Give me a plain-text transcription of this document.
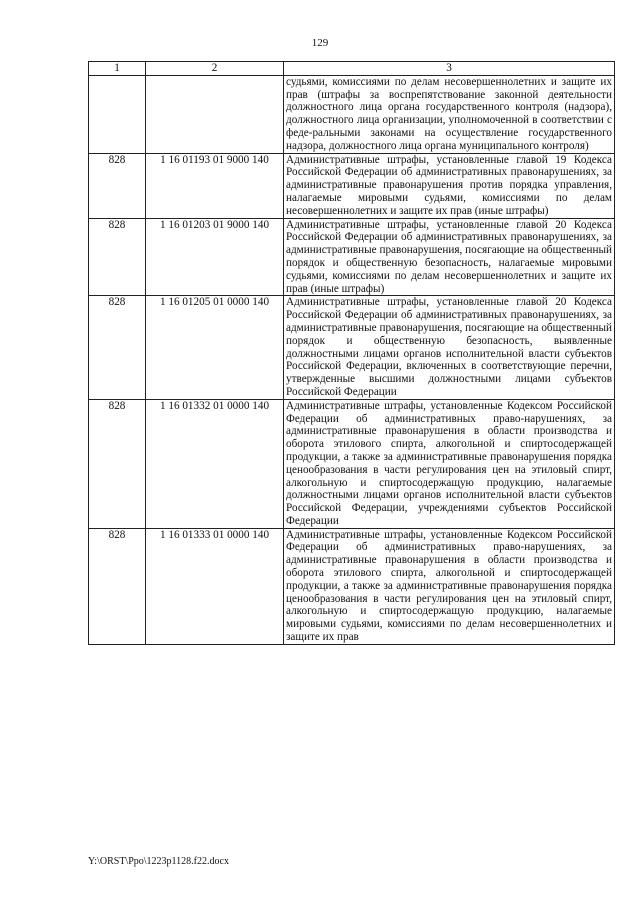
129
1	2	3
		судьями, комиссиями по делам несовершеннолетних и защите их прав (штрафы за воспрепятствование законной деятельности должностного лица органа государственного контроля (надзора), должностного лица организации, уполномоченной в соответствии с феде-ральными законами на осуществление государственного надзора, должностного лица органа муниципального контроля)
828	1 16 01193 01 9000 140	Административные штрафы, установленные главой 19 Кодекса Российской Федерации об административных правонарушениях, за административные правонарушения против порядка управления, налагаемые мировыми судьями, комиссиями по делам несовершеннолетних и защите их прав (иные штрафы)
828	1 16 01203 01 9000 140	Административные штрафы, установленные главой 20 Кодекса Российской Федерации об административных правонарушениях, за административные правонарушения, посягающие на общественный порядок и общественную безопасность, налагаемые мировыми судьями, комиссиями по делам несовершеннолетних и защите их прав (иные штрафы)
828	1 16 01205 01 0000 140	Административные штрафы, установленные главой 20 Кодекса Российской Федерации об административных правонарушениях, за административные правонарушения, посягающие на общественный порядок и общественную безопасность, выявленные должностными лицами органов исполнительной власти субъектов Российской Федерации, включенных в соответствующие перечни, утвержденные высшими должностными лицами субъектов Российской Федерации
828	1 16 01332 01 0000 140	Административные штрафы, установленные Кодексом Российской Федерации об административных право-нарушениях, за административные правонарушения в области производства и оборота этилового спирта, алкогольной и спиртосодержащей продукции, а также за административные правонарушения порядка ценообразования в части регулирования цен на этиловый спирт, алкогольную и спиртосодержащую продукцию, налагаемые должностными лицами органов исполнительной власти субъектов Российской Федерации, учреждениями субъектов Российской Федерации
828	1 16 01333 01 0000 140	Административные штрафы, установленные Кодексом Российской Федерации об административных право-нарушениях, за административные правонарушения в области производства и оборота этилового спирта, алкогольной и спиртосодержащей продукции, а также за административные правонарушения порядка ценообразования в части регулирования цен на этиловый спирт, алкогольную и спиртосодержащую продукцию, налагаемые мировыми судьями, комиссиями по делам несовершеннолетних и защите их прав
Y:\ORST\Ppo\1223p1128.f22.docx
